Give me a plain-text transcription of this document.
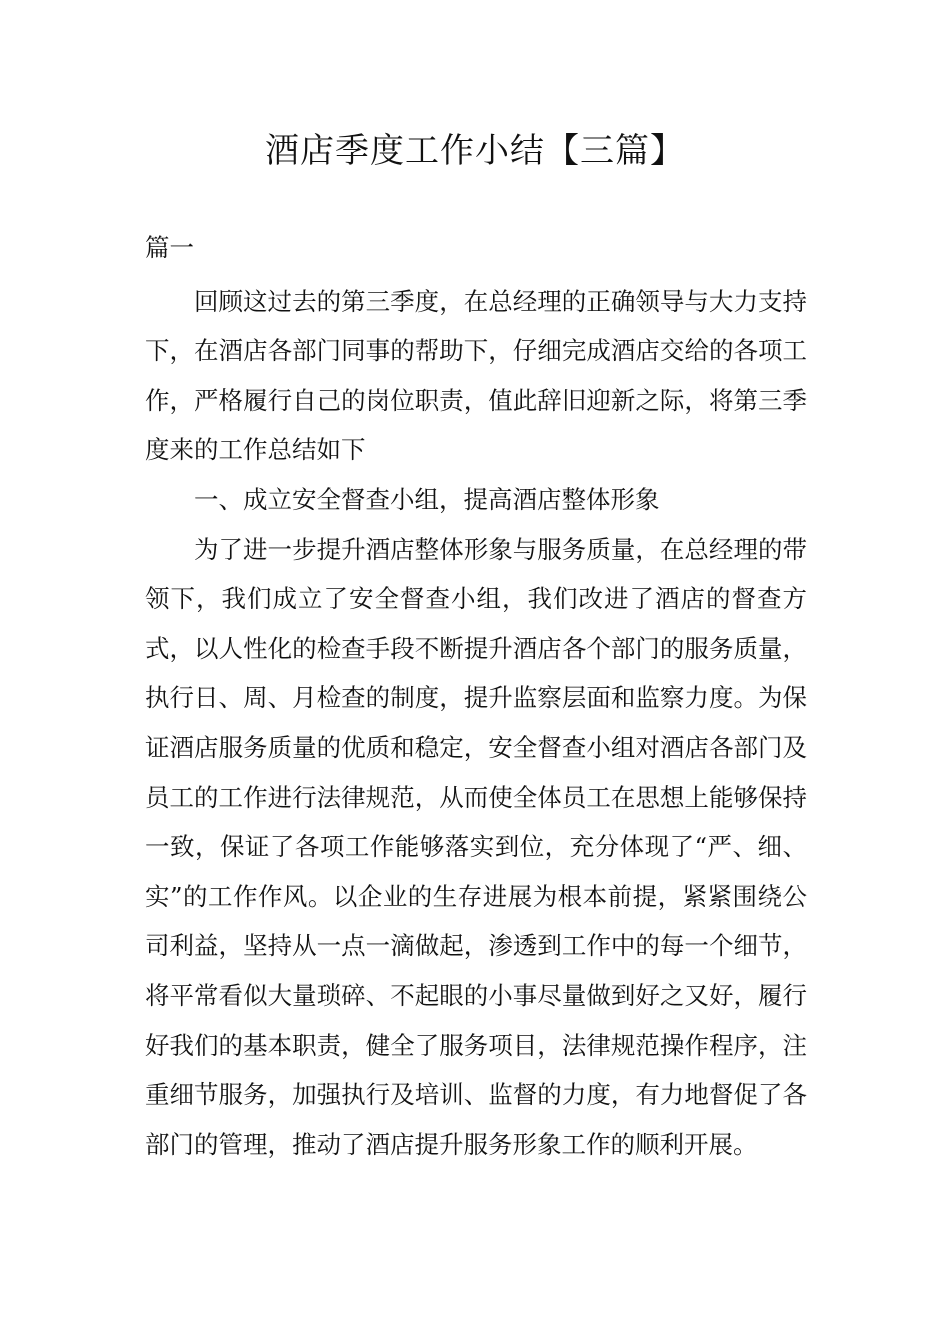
酒店季度工作小结【三篇】

篇一

回顾这过去的第三季度，在总经理的正确领导与大力支持下，在酒店各部门同事的帮助下，仔细完成酒店交给的各项工作，严格履行自己的岗位职责，值此辞旧迎新之际，将第三季度来的工作总结如下

一、成立安全督查小组，提高酒店整体形象

为了进一步提升酒店整体形象与服务质量，在总经理的带领下，我们成立了安全督查小组，我们改进了酒店的督查方式，以人性化的检查手段不断提升酒店各个部门的服务质量，执行日、周、月检查的制度，提升监察层面和监察力度。为保证酒店服务质量的优质和稳定，安全督查小组对酒店各部门及员工的工作进行法律规范，从而使全体员工在思想上能够保持一致，保证了各项工作能够落实到位，充分体现了“严、细、实”的工作作风。以企业的生存进展为根本前提，紧紧围绕公司利益，坚持从一点一滴做起，渗透到工作中的每一个细节，将平常看似大量琐碎、不起眼的小事尽量做到好之又好，履行好我们的基本职责，健全了服务项目，法律规范操作程序，注重细节服务，加强执行及培训、监督的力度，有力地督促了各部门的管理，推动了酒店提升服务形象工作的顺利开展。
